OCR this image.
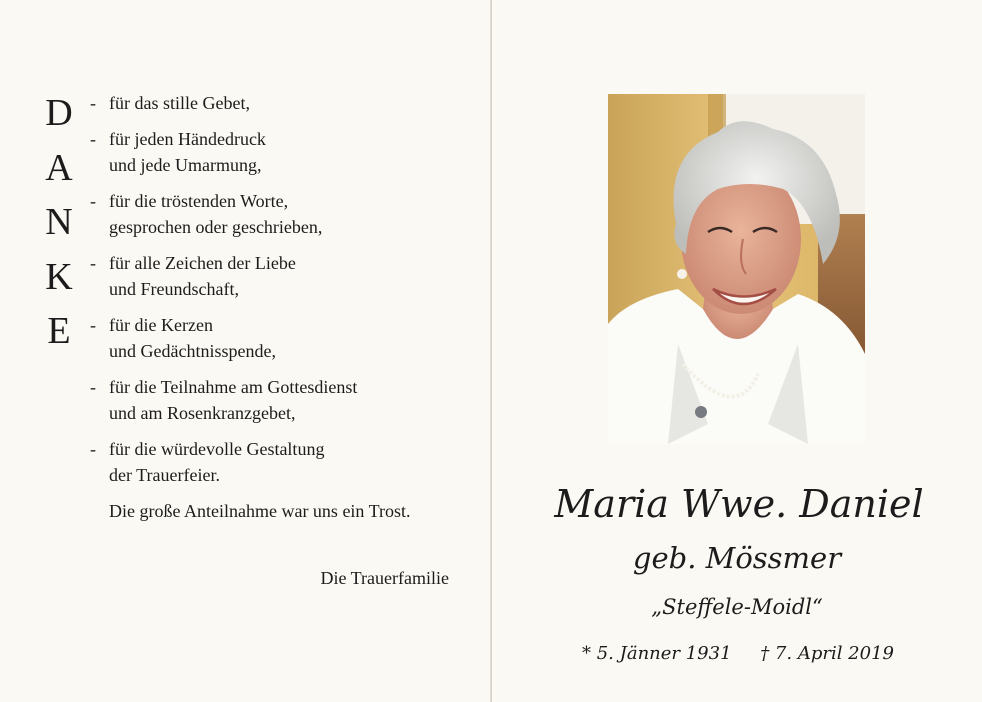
D
A
N
K
E
- für das stille Gebet,
- für jeden Händedruck
und jede Umarmung,
- für die tröstenden Worte,
gesprochen oder geschrieben,
- für alle Zeichen der Liebe
und Freundschaft,
- für die Kerzen
und Gedächtnisspende,
- für die Teilnahme am Gottesdienst
und am Rosenkranzgebet,
- für die würdevolle Gestaltung
der Trauerfeier.
Die große Anteilnahme war uns ein Trost.
Die Trauerfamilie
Maria Wwe. Daniel
geb. Mössmer
„Steffele-Moidl“
* 5. Jänner 1931 † 7. April 2019
